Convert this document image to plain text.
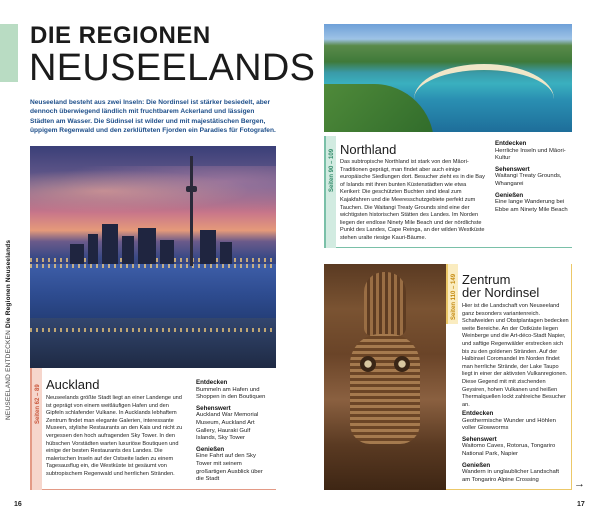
NEUSEELAND ENTDECKEN Die Regionen Neuseelands
DIE REGIONEN
NEUSEELANDS
Neuseeland besteht aus zwei Inseln: Die Nordinsel ist stärker besiedelt, aber dennoch überwiegend ländlich mit fruchtbarem Ackerland und lässigen Städten am Wasser. Die Südinsel ist wilder und mit majestätischen Bergen, üppigem Regenwald und den zerklüfteten Fjorden ein Paradies für Fotografen.
Seiten 62 – 89 Auckland
Neuseelands größte Stadt liegt an einer Landenge und ist geprägt von einem weitläufigen Hafen und den Gipfeln schlafender Vulkane. In Aucklands lebhaftem Zentrum findet man elegante Galerien, interessante Museen, stylishe Restaurants an den Kais und nicht zu vergessen den hoch aufragenden Sky Tower. In den hübschen Vorstädten warten luxuriöse Boutiquen und einige der besten Restaurants des Landes. Die malerischen Inseln auf der Ostseite laden zu einem Tagesausflug ein, die Westküste ist gesäumt von subtropischem Regenwald und herrlichen Stränden.
Entdecken
Bummeln am Hafen und Shoppen in den Boutiquen
Sehenswert
Auckland War Memorial Museum, Auckland Art Gallery, Hauraki Gulf Islands, Sky Tower
Genießen
Eine Fahrt auf den Sky Tower mit seinem großartigen Ausblick über die Stadt
Seiten 90 – 109 Northland
Das subtropische Northland ist stark von den Māori-Traditionen geprägt, man findet aber auch einige europäische Siedlungen dort. Besucher zieht es in die Bay of Islands mit ihren bunten Küstenstädten wie etwa Kerikeri: Die geschützten Buchten sind ideal zum Kajakfahren und die Meeresschutzgebiete perfekt zum Tauchen. Die Waitangi Treaty Grounds sind eine der wichtigsten historischen Stätten des Landes. Im Norden liegen der endlose Ninety Mile Beach und der nördlichste Punkt des Landes, Cape Reinga, an der wilden Westküste stehen uralte riesige Kauri-Bäume.
Entdecken
Herrliche Inseln und Māori-Kultur
Sehenswert
Waitangi Treaty Grounds, Whangarei
Genießen
Eine lange Wanderung bei Ebbe am Ninety Mile Beach
Seiten 110 – 149 Zentrum
der Nordinsel
Hier ist die Landschaft von Neuseeland ganz besonders variantenreich. Schafweiden und Obstplantagen bedecken weite Bereiche. An der Ostküste liegen Weinberge und die Art-déco-Stadt Napier, und saftige Regenwälder erstrecken sich bis zu den goldenen Stränden. Auf der Halbinsel Coromandel im Norden findet man herrliche Strände, der Lake Taupo liegt in einer der aktivsten Vulkanregionen. Diese Gegend mit mit zischenden Geysiren, hohen Vulkanen und heißen Thermalquellen lockt zahlreiche Besucher an.
Entdecken
Geothermische Wunder und Höhlen voller Glowworms
Sehenswert
Waitomo Caves, Rotorua, Tongariro National Park, Napier
Genießen
Wandern in unglaublicher Landschaft am Tongariro Alpine Crossing
16	17
→
